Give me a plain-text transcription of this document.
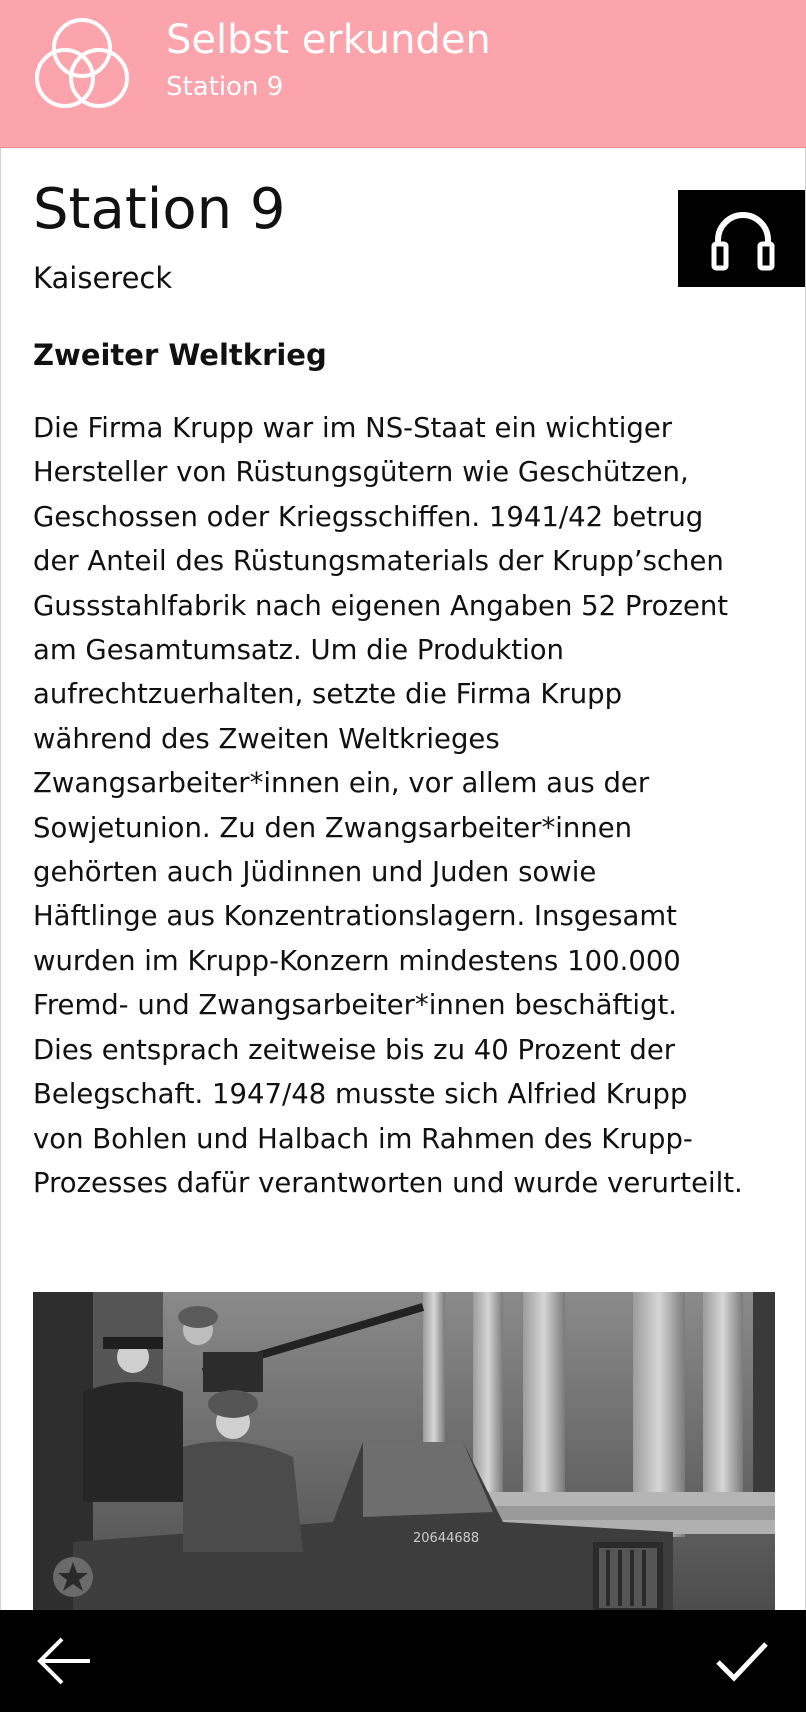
Selbst erkunden
Station 9
Station 9
Kaisereck
Zweiter Weltkrieg
Die Firma Krupp war im NS-Staat ein wichtiger
Hersteller von Rüstungsgütern wie Geschützen,
Geschossen oder Kriegsschiffen. 1941/42 betrug
der Anteil des Rüstungsmaterials der Krupp’schen
Gussstahlfabrik nach eigenen Angaben 52 Prozent
am Gesamtumsatz. Um die Produktion
aufrechtzuerhalten, setzte die Firma Krupp
während des Zweiten Weltkrieges
Zwangsarbeiter*innen ein, vor allem aus der
Sowjetunion. Zu den Zwangsarbeiter*innen
gehörten auch Jüdinnen und Juden sowie
Häftlinge aus Konzentrationslagern. Insgesamt
wurden im Krupp-Konzern mindestens 100.000
Fremd- und Zwangsarbeiter*innen beschäftigt.
Dies entsprach zeitweise bis zu 40 Prozent der
Belegschaft. 1947/48 musste sich Alfried Krupp
von Bohlen und Halbach im Rahmen des Krupp-
Prozesses dafür verantworten und wurde verurteilt.
20644688
